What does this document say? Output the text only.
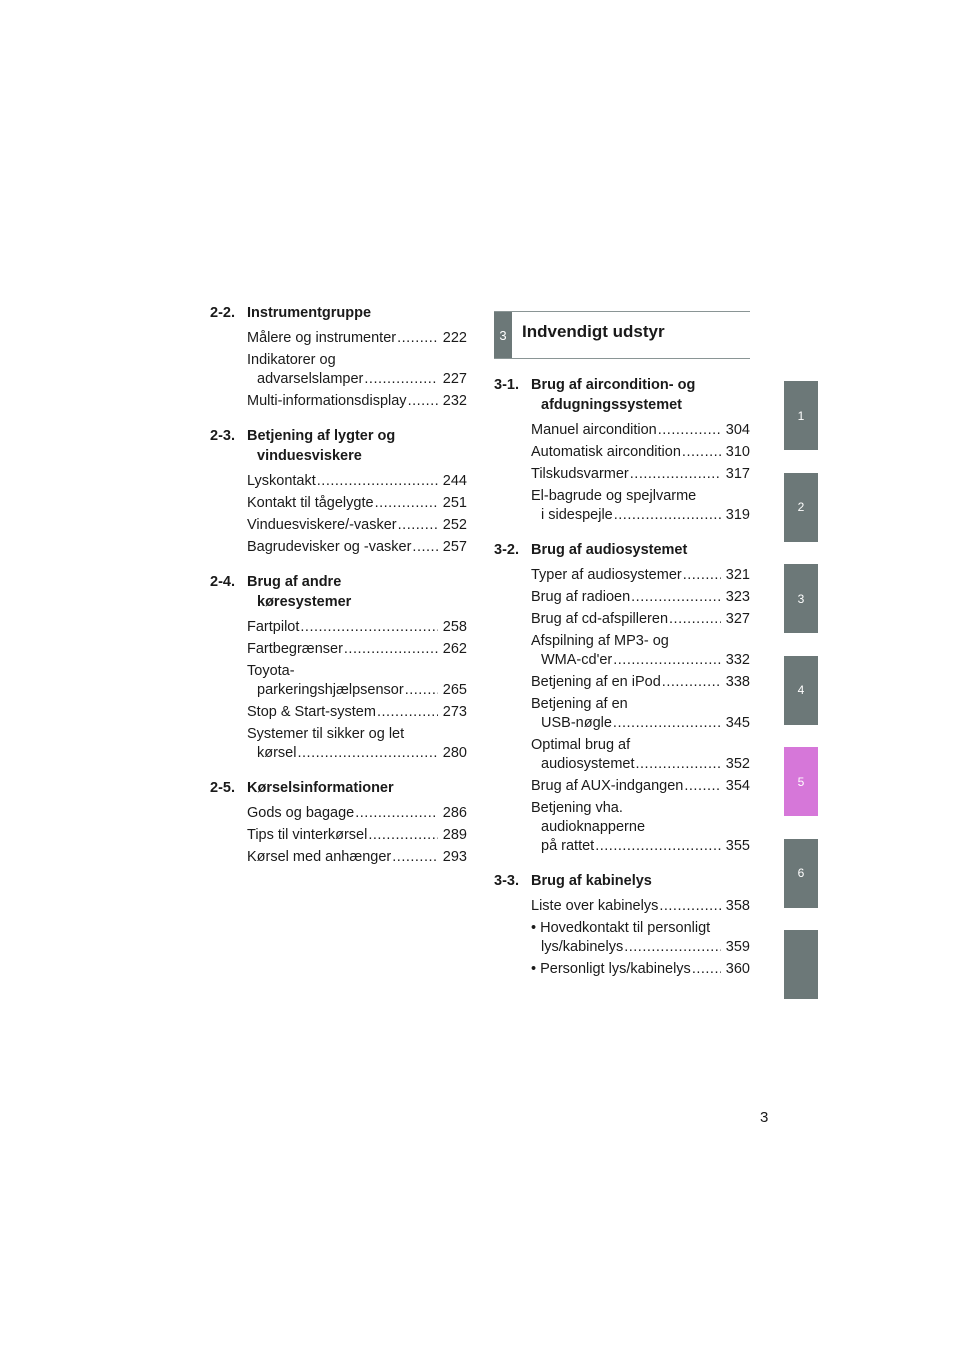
2-2. Instrumentgruppe
Målere og instrumenter .....	222
Indikatorer og
advarselslamper .....	227
Multi-informationsdisplay ..... 232
2-3. Betjening af lygter og
vinduesviskere
Lyskontakt .....	244
Kontakt til tågelygte .....	251
Vinduesviskere/-vasker .....	252
Bagrudevisker og -vasker ..... 257
2-4. Brug af andre
køresystemer
Fartpilot .....	258
Fartbegrænser .....	262
Toyota-
parkeringshjælpsensor .....	265
Stop & Start-system .....	273
Systemer til sikker og let
kørsel .....	280
2-5. Kørselsinformationer
Gods og bagage .....	286
Tips til vinterkørsel .....	289
Kørsel med anhænger .....	293
3 Indvendigt udstyr
3-1. Brug af aircondition- og
afdugningssystemet
Manuel aircondition .....	304
Automatisk aircondition .....	310
Tilskudsvarmer .....	317
El-bagrude og spejlvarme
i sidespejle .....	319
3-2. Brug af audiosystemet
Typer af audiosystemer .....	321
Brug af radioen .....	323
Brug af cd-afspilleren .....	327
Afspilning af MP3- og
WMA-cd'er .....	332
Betjening af en iPod .....	338
Betjening af en
USB-nøgle .....	345
Optimal brug af
audiosystemet .....	352
Brug af AUX-indgangen .....	354
Betjening vha.
audioknapperne
på rattet .....	355
3-3. Brug af kabinelys
Liste over kabinelys .....	358
• Hovedkontakt til personligt
lys/kabinelys .....	359
• Personligt lys/kabinelys ..... 360
1
2
3
4
5
6
3
